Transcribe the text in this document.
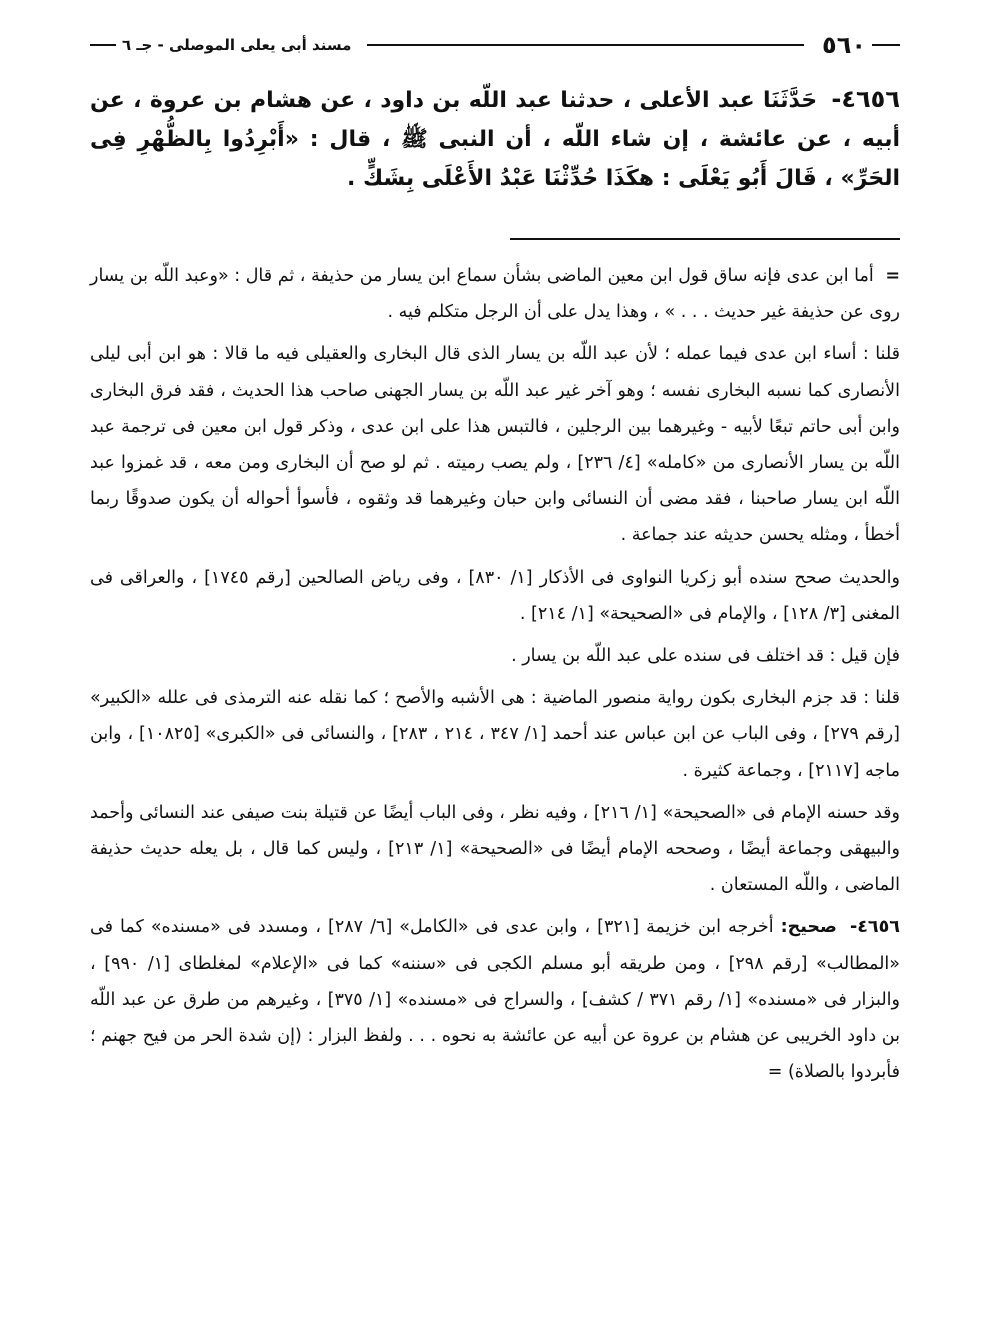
٥٦٠
مسند أبى يعلى الموصلى - جـ ٦
٤٦٥٦- حَدَّثَنَا عبد الأعلى ، حدثنا عبد اللّه بن داود ، عن هشام بن عروة ، عن أبيه ، عن عائشة ، إن شاء اللّه ، أن النبى ﷺ ، قال : «أَبْرِدُوا بِالظُّهْرِ فِى الحَرِّ» ، قَالَ أَبُو يَعْلَى : هكَذَا حُدِّثْنَا عَبْدُ الأَعْلَى بِشَكٍّ .

= أما ابن عدى فإنه ساق قول ابن معين الماضى بشأن سماع ابن يسار من حذيفة ، ثم قال : «وعبد اللّه بن يسار روى عن حذيفة غير حديث . . . » ، وهذا يدل على أن الرجل متكلم فيه .

قلنا : أساء ابن عدى فيما عمله ؛ لأن عبد اللّه بن يسار الذى قال البخارى والعقيلى فيه ما قالا : هو ابن أبى ليلى الأنصارى كما نسبه البخارى نفسه ؛ وهو آخر غير عبد اللّه بن يسار الجهنى صاحب هذا الحديث ، فقد فرق البخارى وابن أبى حاتم تبعًا لأبيه - وغيرهما بين الرجلين ، فالتبس هذا على ابن عدى ، وذكر قول ابن معين فى ترجمة عبد اللّه بن يسار الأنصارى من «كامله» [٤/ ٢٣٦] ، ولم يصب رميته . ثم لو صح أن البخارى ومن معه ، قد غمزوا عبد اللّه ابن يسار صاحبنا ، فقد مضى أن النسائى وابن حبان وغيرهما قد وثقوه ، فأسوأ أحواله أن يكون صدوقًا ربما أخطأ ، ومثله يحسن حديثه عند جماعة .

والحديث صحح سنده أبو زكريا النواوى فى الأذكار [١/ ٨٣٠] ، وفى رياض الصالحين [رقم ١٧٤٥] ، والعراقى فى المغنى [٣/ ١٢٨] ، والإمام فى «الصحيحة» [١/ ٢١٤] .

فإن قيل : قد اختلف فى سنده على عبد اللّه بن يسار .

قلنا : قد جزم البخارى بكون رواية منصور الماضية : هى الأشبه والأصح ؛ كما نقله عنه الترمذى فى علله «الكبير» [رقم ٢٧٩] ، وفى الباب عن ابن عباس عند أحمد [١/ ٣٤٧ ، ٢١٤ ، ٢٨٣] ، والنسائى فى «الكبرى» [١٠٨٢٥] ، وابن ماجه [٢١١٧] ، وجماعة كثيرة .

وقد حسنه الإمام فى «الصحيحة» [١/ ٢١٦] ، وفيه نظر ، وفى الباب أيضًا عن قتيلة بنت صيفى عند النسائى وأحمد والبيهقى وجماعة أيضًا ، وصححه الإمام أيضًا فى «الصحيحة» [١/ ٢١٣] ، وليس كما قال ، بل يعله حديث حذيفة الماضى ، واللّه المستعان .

٤٦٥٦- صحيح: أخرجه ابن خزيمة [٣٢١] ، وابن عدى فى «الكامل» [٦/ ٢٨٧] ، ومسدد فى «مسنده» كما فى «المطالب» [رقم ٢٩٨] ، ومن طريقه أبو مسلم الكجى فى «سننه» كما فى «الإعلام» لمغلطاى [١/ ٩٩٠] ، والبزار فى «مسنده» [١/ رقم ٣٧١ / كشف] ، والسراج فى «مسنده» [١/ ٣٧٥] ، وغيرهم من طرق عن عبد اللّه بن داود الخريبى عن هشام بن عروة عن أبيه عن عائشة به نحوه . . . ولفظ البزار : (إن شدة الحر من فيح جهنم ؛ فأبردوا بالصلاة) =
